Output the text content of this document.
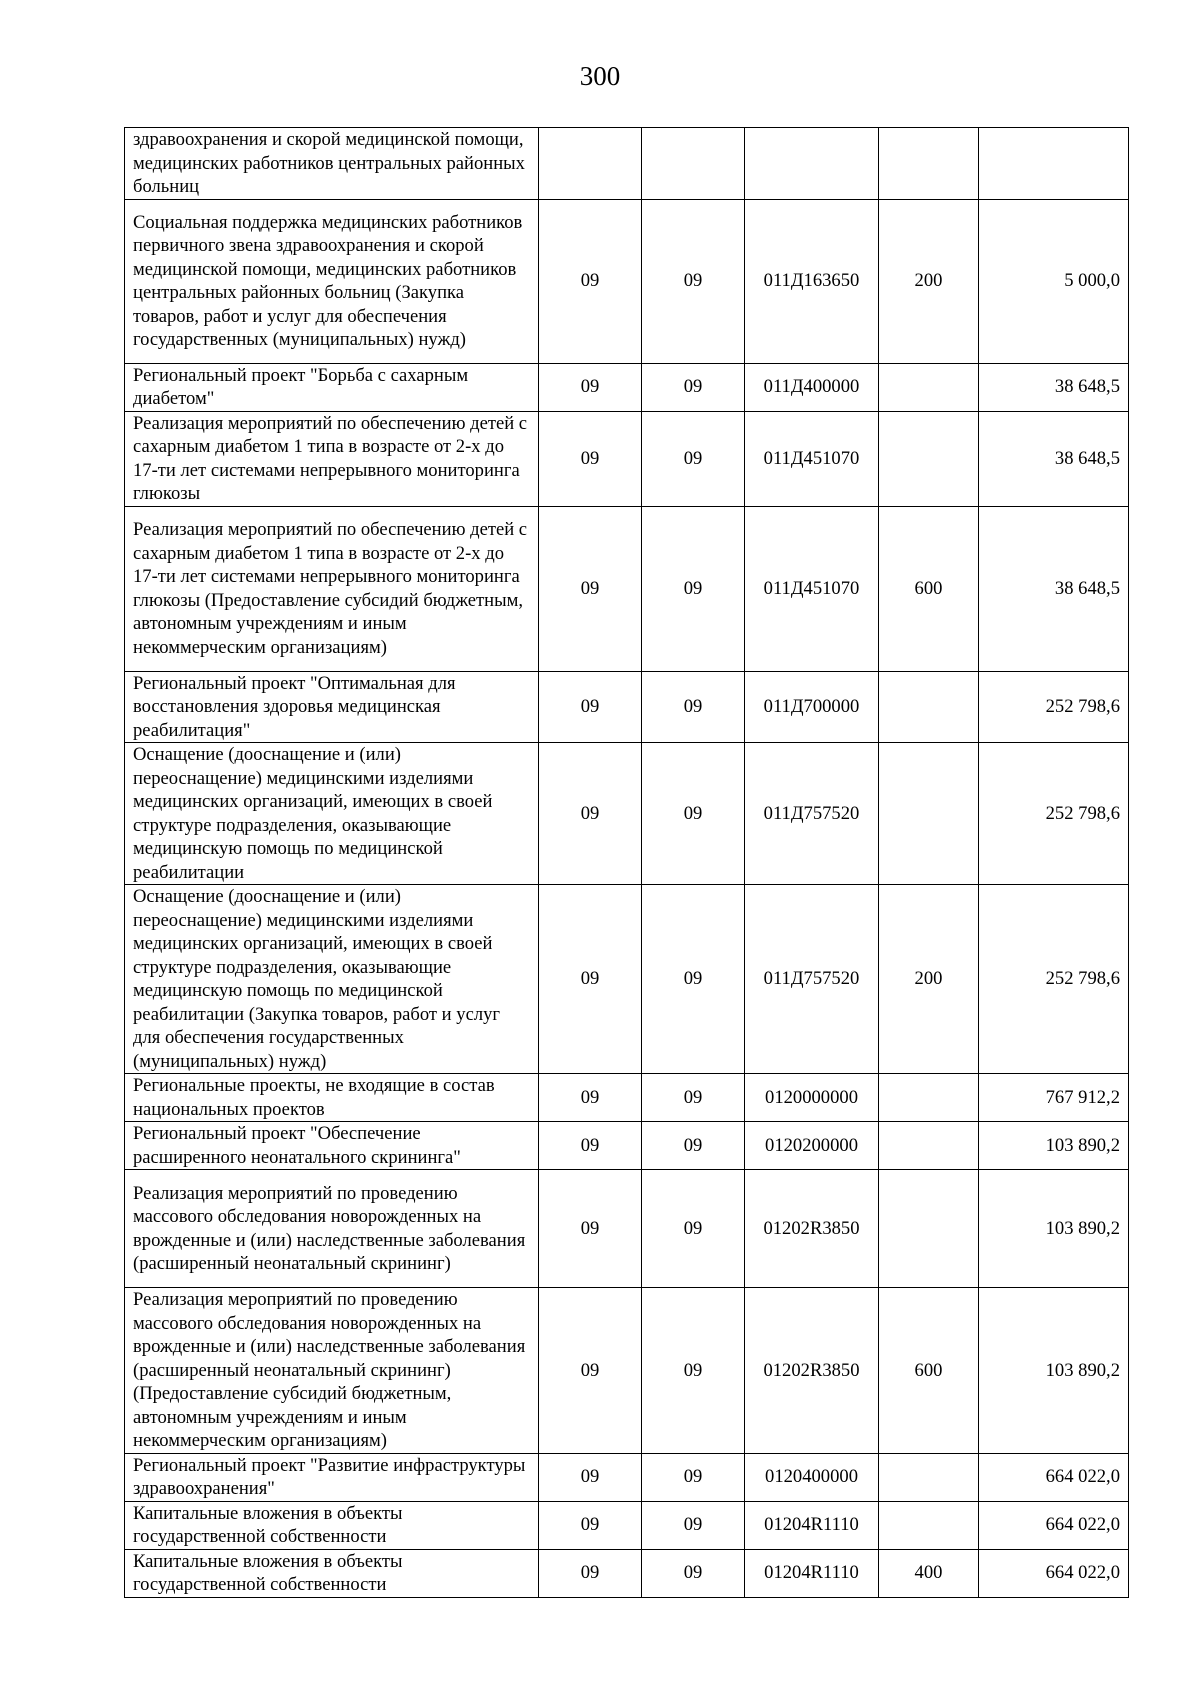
300
здравоохранения и скорой медицинской помощи, медицинских работников центральных районных больниц					
Социальная поддержка медицинских работников первичного звена здравоохранения и скорой медицинской помощи, медицинских работников центральных районных больниц (Закупка товаров, работ и услуг для обеспечения государственных (муниципальных) нужд)	09	09	011Д163650	200	5 000,0
Региональный проект "Борьба с сахарным диабетом"	09	09	011Д400000		38 648,5
Реализация мероприятий по обеспечению детей с сахарным диабетом 1 типа в возрасте от 2-х до 17-ти лет системами непрерывного мониторинга глюкозы	09	09	011Д451070		38 648,5
Реализация мероприятий по обеспечению детей с сахарным диабетом 1 типа в возрасте от 2-х до 17-ти лет системами непрерывного мониторинга глюкозы (Предоставление субсидий бюджетным, автономным учреждениям и иным некоммерческим организациям)	09	09	011Д451070	600	38 648,5
Региональный проект "Оптимальная для восстановления здоровья медицинская реабилитация"	09	09	011Д700000		252 798,6
Оснащение (дооснащение и (или) переоснащение) медицинскими изделиями медицинских организаций, имеющих в своей структуре подразделения, оказывающие медицинскую помощь по медицинской реабилитации	09	09	011Д757520		252 798,6
Оснащение (дооснащение и (или) переоснащение) медицинскими изделиями медицинских организаций, имеющих в своей структуре подразделения, оказывающие медицинскую помощь по медицинской реабилитации (Закупка товаров, работ и услуг для обеспечения государственных (муниципальных) нужд)	09	09	011Д757520	200	252 798,6
Региональные проекты, не входящие в состав национальных проектов	09	09	0120000000		767 912,2
Региональный проект "Обеспечение расширенного неонатального скрининга"	09	09	0120200000		103 890,2
Реализация мероприятий по проведению массового обследования новорожденных на врожденные и (или) наследственные заболевания (расширенный неонатальный скрининг)	09	09	01202R3850		103 890,2
Реализация мероприятий по проведению массового обследования новорожденных на врожденные и (или) наследственные заболевания (расширенный неонатальный скрининг) (Предоставление субсидий бюджетным, автономным учреждениям и иным некоммерческим организациям)	09	09	01202R3850	600	103 890,2
Региональный проект "Развитие инфраструктуры здравоохранения"	09	09	0120400000		664 022,0
Капитальные вложения в объекты государственной собственности	09	09	01204R1110		664 022,0
Капитальные вложения в объекты государственной собственности	09	09	01204R1110	400	664 022,0
